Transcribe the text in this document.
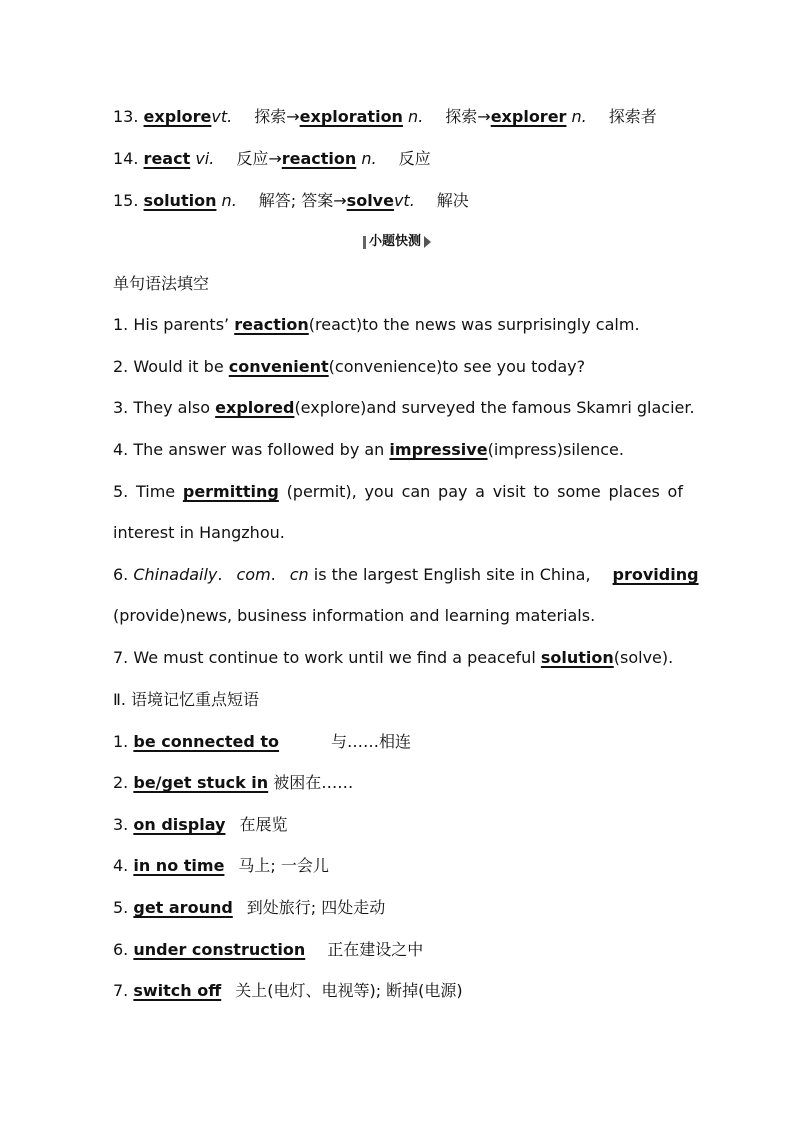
13. explorevt. 探索→exploration n. 探索→explorer n. 探索者
14. react vi. 反应→reaction n. 反应
15. solution n. 解答; 答案→solvevt. 解决
小题快测
单句语法填空
1. His parents’ reaction(react)to the news was surprisingly calm.
2. Would it be convenient(convenience)to see you today?
3. They also explored(explore)and surveyed the famous Skamri glacier.
4. The answer was followed by an impressive(impress)silence.
5. Time permitting (permit), you can pay a visit to some places of
interest in Hangzhou.
6. Chinadaily. com. cn is the largest English site in China, providing
(provide)news, business information and learning materials.
7. We must continue to work until we find a peaceful solution(solve).
Ⅱ. 语境记忆重点短语
1. be connected to	与……相连
2. be/get stuck in 被困在……
3. on display 在展览
4. in no time 马上; 一会儿
5. get around 到处旅行; 四处走动
6. under construction 正在建设之中
7. switch off 关上(电灯、电视等); 断掉(电源)
